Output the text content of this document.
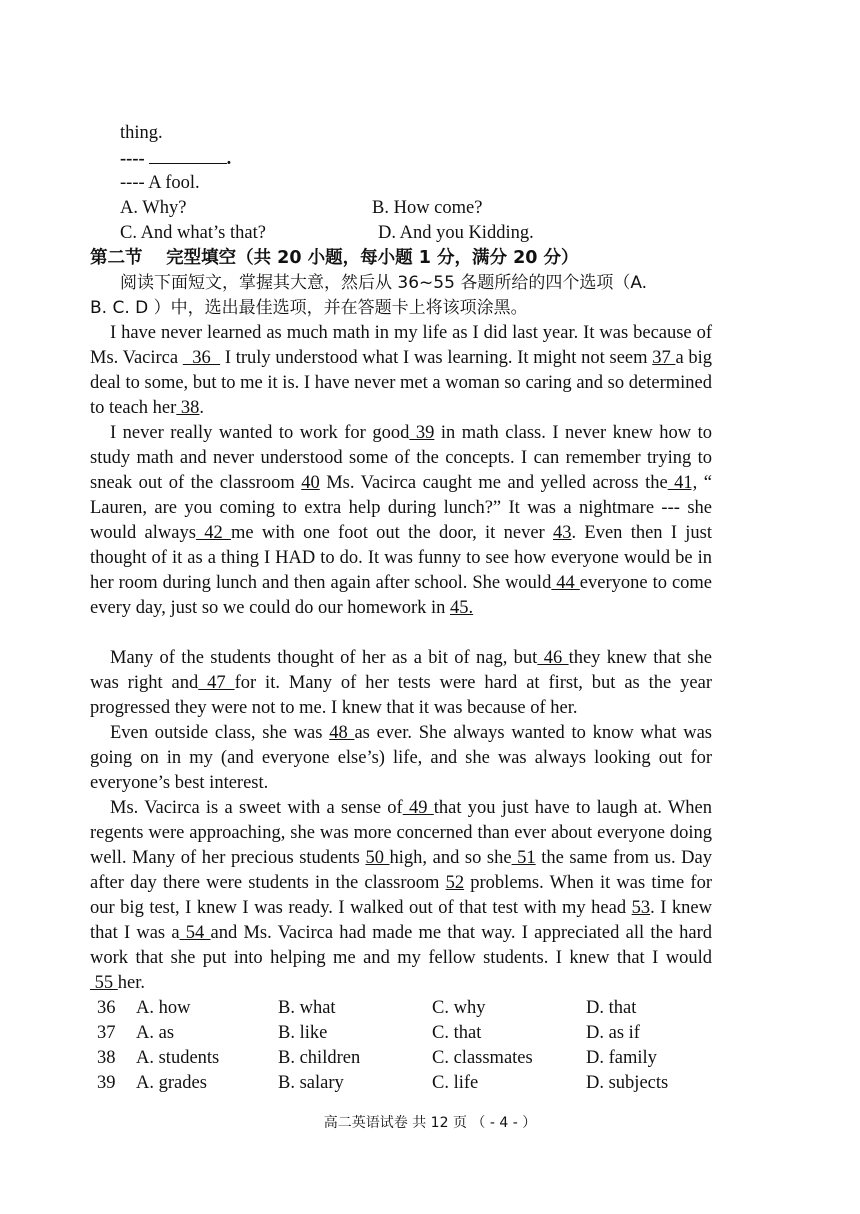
thing.
----	.
---- A fool.
A. Why?	B. How come?
C. And what’s that?	D. And you Kidding.
第二节　 完型填空（共 20 小题，每小题 1 分，满分 20 分）
阅读下面短文，掌握其大意，然后从 36~55 各题所给的四个选项（A.
B. C. D ）中，选出最佳选项，并在答题卡上将该项涂黑。
I have never learned as much math in my life as I did last year. It was because of Ms. Vacirca   36   I truly understood what I was learning. It might not seem 37 a big deal to some, but to me it is. I have never met a woman so caring and so determined to teach her 38.
I never really wanted to work for good 39 in math class. I never knew how to study math and never understood some of the concepts. I can remember trying to sneak out of the classroom 40 Ms. Vacirca caught me and yelled across the 41, “ Lauren, are you coming to extra help during lunch?” It was a nightmare --- she would always 42 me with one foot out the door, it never 43. Even then I just thought of it as a thing I HAD to do. It was funny to see how everyone would be in her room during lunch and then again after school. She would 44 everyone to come every day, just so we could do our homework in 45.
Many of the students thought of her as a bit of nag, but 46 they knew that she was right and 47 for it. Many of her tests were hard at first, but as the year progressed they were not to me. I knew that it was because of her.
Even outside class, she was 48 as ever. She always wanted to know what was going on in my (and everyone else’s) life, and she was always looking out for everyone’s best interest.
Ms. Vacirca is a sweet with a sense of 49 that you just have to laugh at. When regents were approaching, she was more concerned than ever about everyone doing well. Many of her precious students 50 high, and so she 51 the same from us. Day after day there were students in the classroom 52 problems. When it was time for our big test, I knew I was ready. I walked out of that test with my head 53. I knew that I was a 54 and Ms. Vacirca had made me that way. I appreciated all the hard work that she put into helping me and my fellow students. I knew that I would 55 her.
36 A. how	B. what	C. why	D. that
37 A. as	B. like	C. that	D. as if
38 A. students	B. children	C. classmates	D. family
39 A. grades	B. salary	C. life	D. subjects
高二英语试卷 共 12 页 （ - 4 - ）
